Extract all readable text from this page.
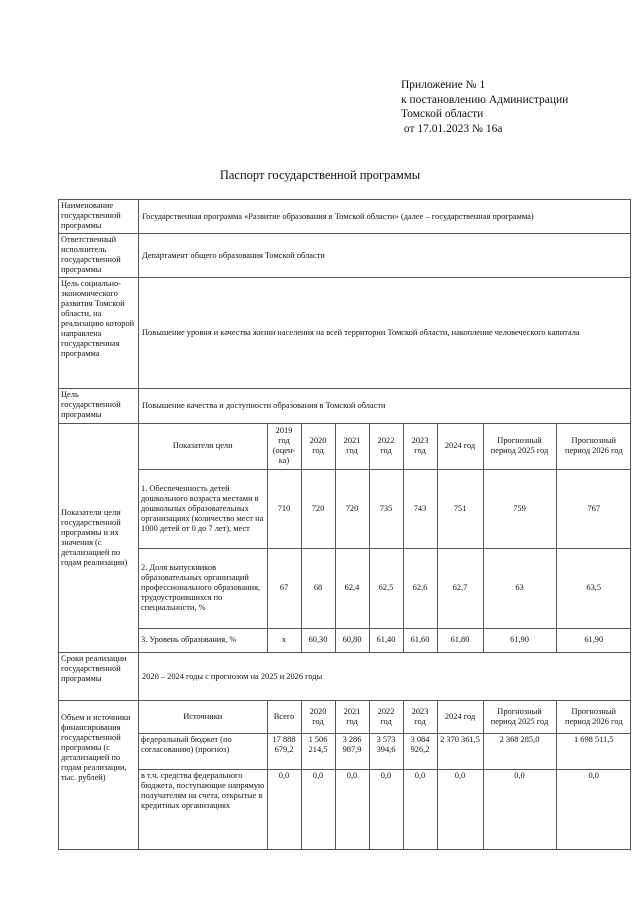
Приложение № 1
к постановлению Администрации
Томской области
от 17.01.2023 № 16а
Паспорт государственной программы
Наименование государственной программы	Государственная программа «Развитие образования в Томской области» (далее – государственная программа)
Ответственный исполнитель государственной программы	Департамент общего образования Томской области
Цель социально-экономического развития Томской области, на реализацию которой направлена государственная программа	Повышение уровня и качества жизни населения на всей территории Томской области, накопление человеческого капитала
Цель государственной программы	Повышение качества и доступности образования в Томской области
Показатели цели государственной программы и их значения (с детализацией по годам реализации)	
Показатели цели	2019 год (оцен-ка)	2020 год	2021 год	2022 год	2023 год	2024 год	Прогнозный период 2025 год	Прогнозный период 2026 год
1. Обеспеченность детей дошкольного возраста местами в дошкольных образовательных организациях (количество мест на 1000 детей от 0 до 7 лет), мест	710	720	720	735	743	751	759	767
2. Доля выпускников образовательных организаций профессионального образования, трудоустроившихся по специальности, %	67	68	62,4	62,5	62,6	62,7	63	63,5
3. Уровень образования, %	x	60,30	60,80	61,40	61,60	61,80	61,90	61,90

Сроки реализации государственной программы	2020 – 2024 годы с прогнозом на 2025 и 2026 годы
Объем и источники финансирования государственной программы (с детализацией по годам реализации, тыс. рублей)	
Источники	Всего	2020 год	2021 год	2022 год	2023 год	2024 год	Прогнозный период 2025 год	Прогнозный период 2026 год
федеральный бюджет (по согласованию) (прогноз)	17 888 679,2	1 506 214,5	3 286 987,9	3 573 394,6	3 084 926,2	2 370 361,5	2 368 285,0	1 698 511,5
в т.ч. средства федерального бюджета, поступающие напрямую получателям на счета, открытые в кредитных организациях	0,0	0,0	0,0	0,0	0,0	0,0	0,0	0,0
